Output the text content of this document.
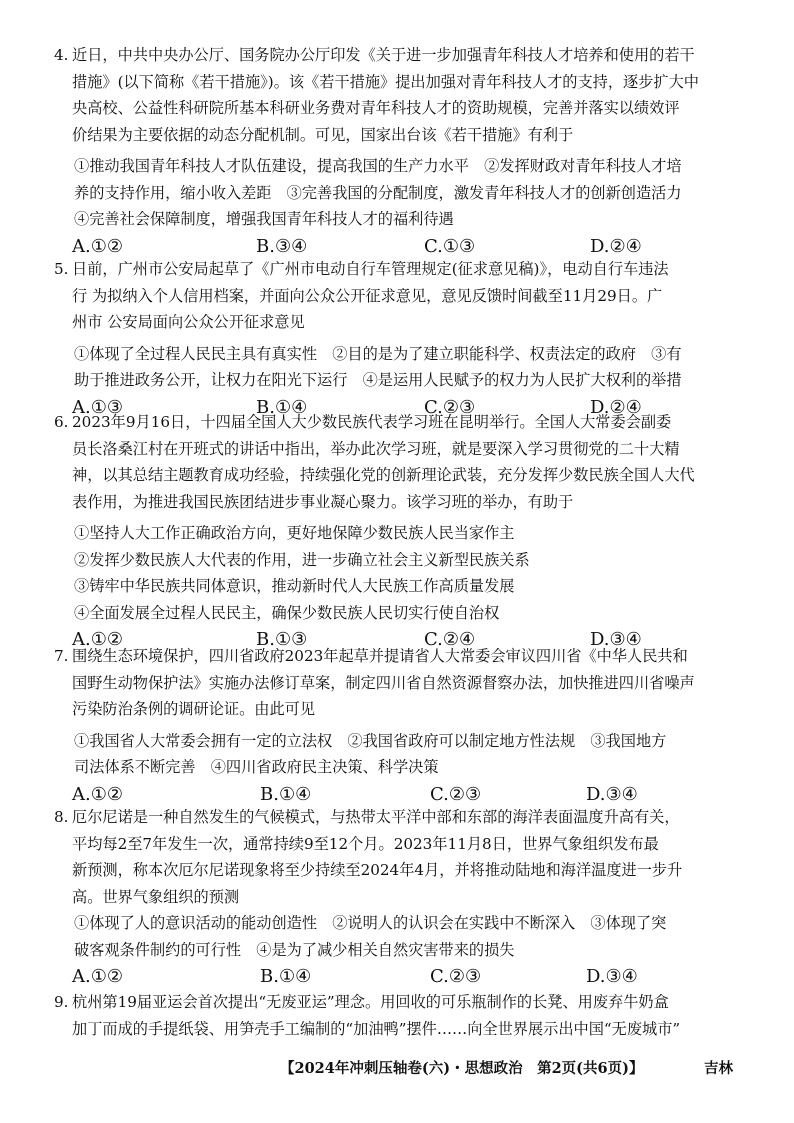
4. 近日，中共中央办公厅、国务院办公厅印发《关于进一步加强青年科技人才培养和使用的若干
措施》(以下简称《若干措施》)。该《若干措施》提出加强对青年科技人才的支持，逐步扩大中
央高校、公益性科研院所基本科研业务费对青年科技人才的资助规模，完善并落实以绩效评
价结果为主要依据的动态分配机制。可见，国家出台该《若干措施》有利于
①推动我国青年科技人才队伍建设，提高我国的生产力水平　②发挥财政对青年科技人才培
养的支持作用，缩小收入差距　③完善我国的分配制度，激发青年科技人才的创新创造活力
④完善社会保障制度，增强我国青年科技人才的福利待遇
A.①②	B.③④	C.①③	D.②④
5. 日前，广州市公安局起草了《广州市电动自行车管理规定(征求意见稿)》，电动自行车违法
行 为拟纳入个人信用档案，并面向公众公开征求意见，意见反馈时间截至11月29日。广
州市 公安局面向公众公开征求意见
①体现了全过程人民民主具有真实性　②目的是为了建立职能科学、权责法定的政府　③有
助于推进政务公开，让权力在阳光下运行　④是运用人民赋予的权力为人民扩大权利的举措
A.①③	B.①④	C.②③	D.②④
6. 2023年9月16日，十四届全国人大少数民族代表学习班在昆明举行。全国人大常委会副委
员长洛桑江村在开班式的讲话中指出，举办此次学习班，就是要深入学习贯彻党的二十大精
神，以其总结主题教育成功经验，持续强化党的创新理论武装，充分发挥少数民族全国人大代
表作用，为推进我国民族团结进步事业凝心聚力。该学习班的举办，有助于
①坚持人大工作正确政治方向，更好地保障少数民族人民当家作主
②发挥少数民族人大代表的作用，进一步确立社会主义新型民族关系
③铸牢中华民族共同体意识，推动新时代人大民族工作高质量发展
④全面发展全过程人民民主，确保少数民族人民切实行使自治权
A.①②	B.①③	C.②④	D.③④
7. 围绕生态环境保护，四川省政府2023年起草并提请省人大常委会审议四川省《中华人民共和
国野生动物保护法》实施办法修订草案，制定四川省自然资源督察办法，加快推进四川省噪声
污染防治条例的调研论证。由此可见
①我国省人大常委会拥有一定的立法权　②我国省政府可以制定地方性法规　③我国地方
司法体系不断完善　④四川省政府民主决策、科学决策
A.①②	B.①④	C.②③	D.③④
8. 厄尔尼诺是一种自然发生的气候模式，与热带太平洋中部和东部的海洋表面温度升高有关，
平均每2至7年发生一次，通常持续9至12个月。2023年11月8日，世界气象组织发布最
新预测，称本次厄尔尼诺现象将至少持续至2024年4月，并将推动陆地和海洋温度进一步升
高。世界气象组织的预测
①体现了人的意识活动的能动创造性　②说明人的认识会在实践中不断深入　③体现了突
破客观条件制约的可行性　④是为了减少相关自然灾害带来的损失
A.①②	B.①④	C.②③	D.③④
9. 杭州第19届亚运会首次提出“无废亚运”理念。用回收的可乐瓶制作的长凳、用废弃牛奶盒
加丁而成的手提纸袋、用笋壳手工编制的“加油鸭”摆件……向全世界展示出中国“无废城市”
【2024年冲刺压轴卷(六)・思想政治　第2页(共6页)】	吉林
